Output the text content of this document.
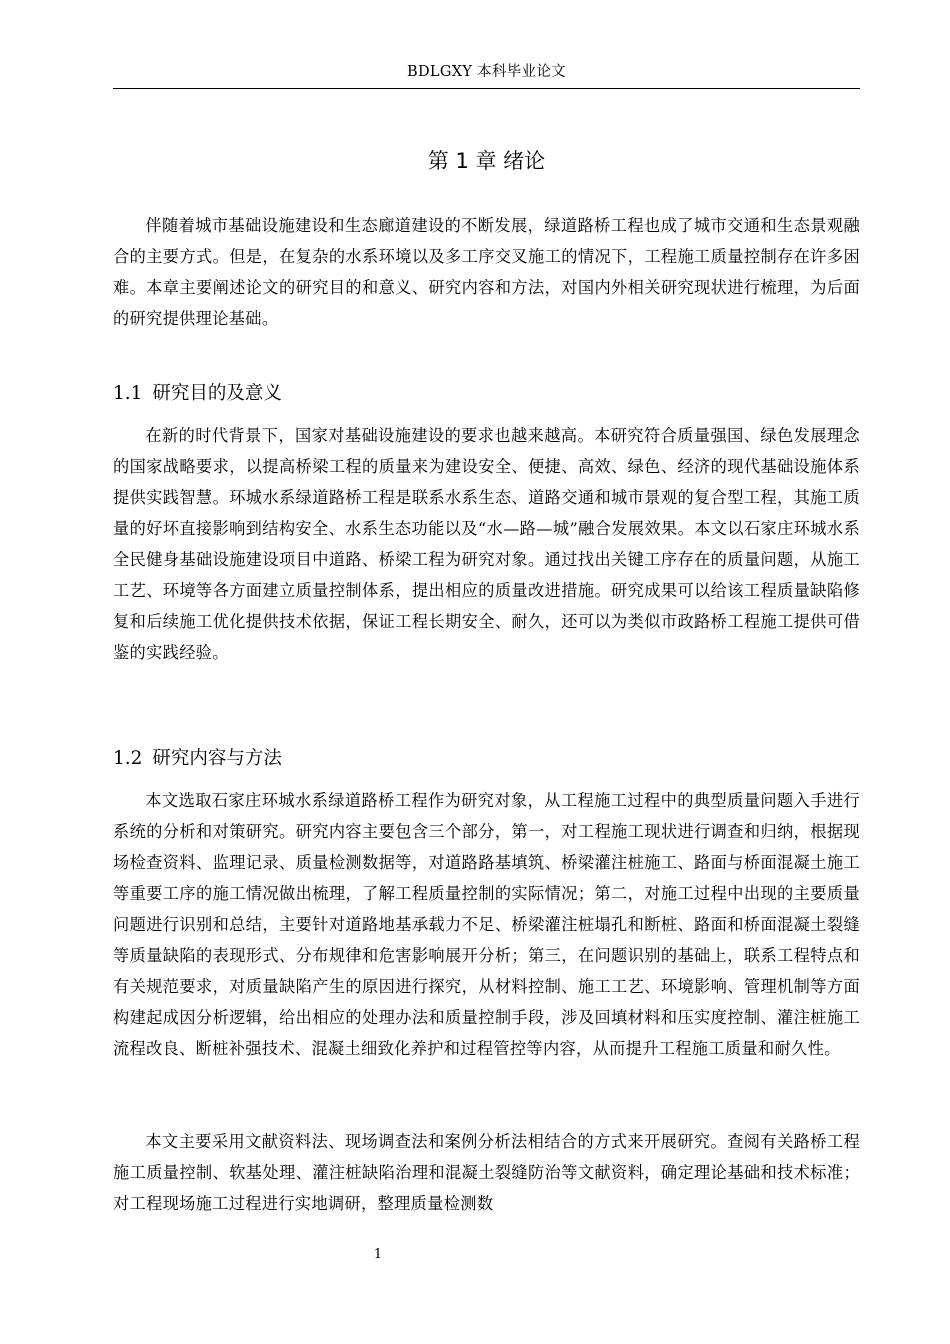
BDLGXY 本科毕业论文
第 1 章 绪论

伴随着城市基础设施建设和生态廊道建设的不断发展，绿道路桥工程也成了城市交通和生态景观融合的主要方式。但是，在复杂的水系环境以及多工序交叉施工的情况下，工程施工质量控制存在许多困难。本章主要阐述论文的研究目的和意义、研究内容和方法，对国内外相关研究现状进行梳理，为后面的研究提供理论基础。

1.1 研究目的及意义

在新的时代背景下，国家对基础设施建设的要求也越来越高。本研究符合质量强国、绿色发展理念的国家战略要求，以提高桥梁工程的质量来为建设安全、便捷、高效、绿色、经济的现代基础设施体系提供实践智慧。环城水系绿道路桥工程是联系水系生态、道路交通和城市景观的复合型工程，其施工质量的好坏直接影响到结构安全、水系生态功能以及“水—路—城”融合发展效果。本文以石家庄环城水系全民健身基础设施建设项目中道路、桥梁工程为研究对象。通过找出关键工序存在的质量问题，从施工工艺、环境等各方面建立质量控制体系，提出相应的质量改进措施。研究成果可以给该工程质量缺陷修复和后续施工优化提供技术依据，保证工程长期安全、耐久，还可以为类似市政路桥工程施工提供可借鉴的实践经验。

1.2 研究内容与方法

本文选取石家庄环城水系绿道路桥工程作为研究对象，从工程施工过程中的典型质量问题入手进行系统的分析和对策研究。研究内容主要包含三个部分，第一，对工程施工现状进行调查和归纳，根据现场检查资料、监理记录、质量检测数据等，对道路路基填筑、桥梁灌注桩施工、路面与桥面混凝土施工等重要工序的施工情况做出梳理，了解工程质量控制的实际情况；第二，对施工过程中出现的主要质量问题进行识别和总结，主要针对道路地基承载力不足、桥梁灌注桩塌孔和断桩、路面和桥面混凝土裂缝等质量缺陷的表现形式、分布规律和危害影响展开分析；第三，在问题识别的基础上，联系工程特点和有关规范要求，对质量缺陷产生的原因进行探究，从材料控制、施工工艺、环境影响、管理机制等方面构建起成因分析逻辑，给出相应的处理办法和质量控制手段，涉及回填材料和压实度控制、灌注桩施工流程改良、断桩补强技术、混凝土细致化养护和过程管控等内容，从而提升工程施工质量和耐久性。

本文主要采用文献资料法、现场调查法和案例分析法相结合的方式来开展研究。查阅有关路桥工程施工质量控制、软基处理、灌注桩缺陷治理和混凝土裂缝防治等文献资料，确定理论基础和技术标准；对工程现场施工过程进行实地调研，整理质量检测数

1
